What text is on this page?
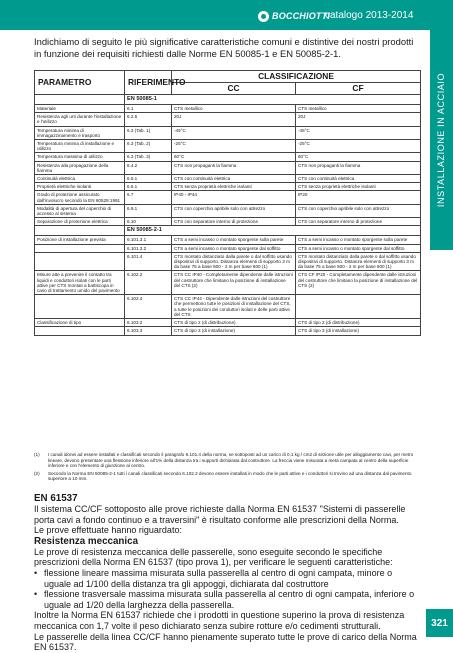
BOCCHIOTTI
catalogo 2013-2014
INSTALLAZIONE IN ACCIAIO
Indichiamo di seguito le più significative caratteristiche comuni e distintive dei nostri prodotti in funzione dei requisiti richiesti dalle Norme EN 50085-1 e EN 50085-2-1.
PARAMETRO	RIFERIMENTO	CLASSIFICAZIONE	
		CC	CF
	EN 50085-1		
Materiale	6.1	CTS metallico	CTS metallico
Resistenza agli urti durante l'installazione e l'utilizzo	6.2.5	20J	20J
Temperatura minima di immagazzinamento e trasporto	6.3 (Tab. 1)	-45°C	-45°C
Temperatura minima di installazione e utilizzo	6.3 (Tab. 2)	-25°C	-25°C
Temperatura massima di utilizzo	6.3 (Tab. 3)	60°C	60°C
Resistenza alla propagazione della fiamma	6.4.2	CTS non propaganti la fiamma	CTS non propaganti la fiamma
Continuità elettrica	6.5.1	CTS con continuità elettrica	CTS con continuità elettrica
Proprietà elettriche isolanti	6.6.1	CTS senza proprietà elettriche isolanti	CTS senza proprietà elettriche isolanti
Grado di protezione assicurato dall'involucro secondo la EN 60529:1991	6.7	IP40 - IP44	IP20
Modalità di apertura del coperchio di accesso al sistema	6.9.1	CTS con coperchio apribile solo con attrezzo	CTS con coperchio apribile solo con attrezzo
Separazione di protezione elettrica	6.10	CTS con separatore interno di protezione	CTS con separatore interno di protezione
	EN 50085-2-1		
Posizione di installazione prevista	6.101.3.1	CTS a semi incasso o montato sporgente sulla parete	CTS a semi incasso o montato sporgente sulla parete
	6.101.3.2	CTS a semi incasso o montato sporgente dal soffitto	CTS a semi incasso o montato sporgente dal soffitto
	6.101.4	CTS montato distanziato dalla parete o dal soffitto usando dispositivi di supporto. Distanza elementi di supporto 3 m da base 75 a base 500 - 2 m per base 600 (1)	CTS montato distanziato dalla parete o dal soffitto usando dispositivi di supporto. Distanza elementi di supporto 3 m da base 75 a base 500 - 2 m per base 600 (1)
Misure atte a prevenire il contatto tra liquidi e conduttori isolati con le parti attive per CTS montati a battiscopa in caso di trattamento umido del pavimento	6.102.2	CTS CC IP40 - Completamente dipendente dalle istruzioni del costruttore che limitano la posizione di installazione del CTS (2)	CTS CF IP20 - Completamente dipendente dalle istruzioni del costruttore che limitano la posizione di installazione del CTS (2)
	6.102.4	CTS CC IP44 - Dipendente dalle istruzioni del costruttore che permettono tutte le posizioni di installazione del CTS, a tutte le posizioni dei conduttori isolati e delle parti attive del CTS	
Classificazione di tipo	6.103.2	CTS di tipo 2 (di distribuzione)	CTS di tipo 2 (di distribuzione)
	6.103.3	CTS di tipo 3 (di installazione)	CTS di tipo 3 (di installazione)

(1)	I canali idonei ad essere installati e classificati secondo il paragrafo 6.101.4 della norma, se sottoposti ad un carico di 0,1 kg / cm2 di sezione utile per alloggiamento cavi, per metro lineare, devono presentare una flessione inferiore all'1% della distanza tra i supporti dichiarata dal costruttore. La freccia viene misurata a metà campata al centro della superficie inferiore e con l'elemento di giunzione al centro.

(2)	Secondo la Norma EN 50085-2-1 tutti i canali classificati secondo 6.102.2 devono essere installati in modo che le parti attive e i conduttori si trovino ad una distanza dal pavimento superiore a 10 mm.

EN 61537

Il sistema CC/CF sottoposto alle prove richieste dalla Norma EN 61537 "Sistemi di passerelle porta cavi a fondo continuo e a traversini" è risultato conforme alle prescrizioni della Norma.

Le prove effettuate hanno riguardato:

Resistenza meccanica

Le prove di resistenza meccanica delle passerelle, sono eseguite secondo le specifiche prescrizioni della Norma EN 61537 (tipo prova 1), per verificare le seguenti caratteristiche:

• flessione lineare massima misurata sulla passerella al centro di ogni campata, minore o uguale ad 1/100 della distanza tra gli appoggi, dichiarata dal costruttore
• flessione trasversale massima misurata sulla passerella al centro di ogni campata, inferiore o uguale ad 1/20 della larghezza della passerella.

Inoltre la Norma EN 61537 richiede che i prodotti in questione superino la prova di resistenza meccanica con 1,7 volte il peso dichiarato senza subire rotture e/o cedimenti strutturali.

Le passerelle della linea CC/CF hanno pienamente superato tutte le prove di carico della Norma EN 61537.

321
